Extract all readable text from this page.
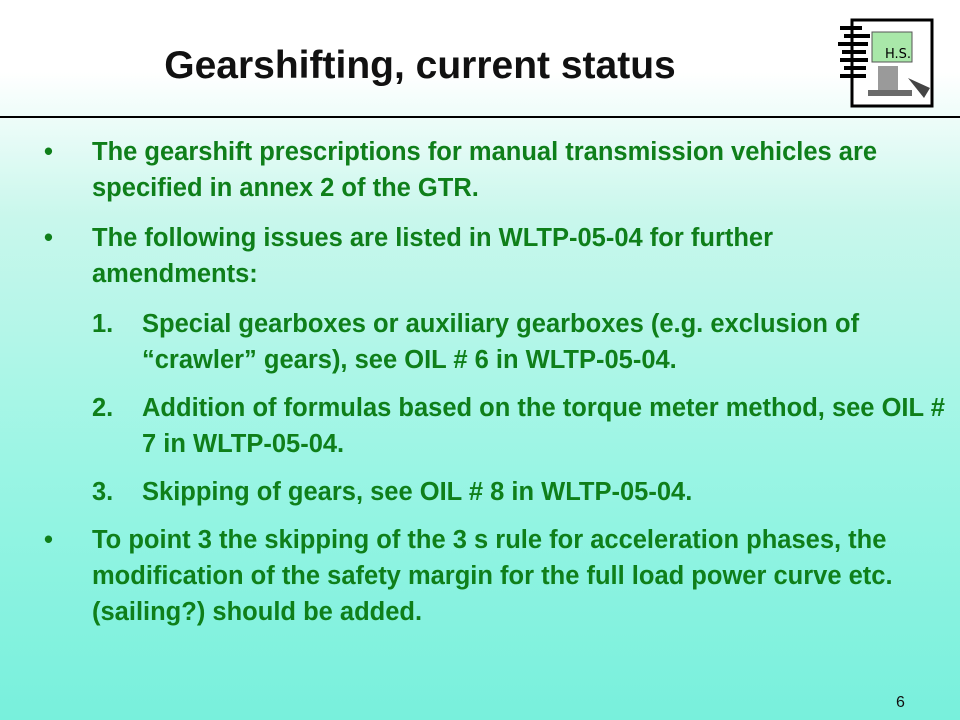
Gearshifting, current status	H.S.
• The gearshift prescriptions for manual transmission vehicles are specified in annex 2 of the GTR.
• The following issues are listed in WLTP-05-04 for further amendments:
1. Special gearboxes or auxiliary gearboxes (e.g. exclusion of “crawler” gears), see OIL # 6 in WLTP-05-04.
2. Addition of formulas based on the torque meter method, see OIL # 7 in WLTP-05-04.
3. Skipping of gears, see OIL # 8 in WLTP-05-04.
• To point 3 the skipping of the 3 s rule for acceleration phases, the modification of the safety margin for the full load power curve etc. (sailing?) should be added.
6
